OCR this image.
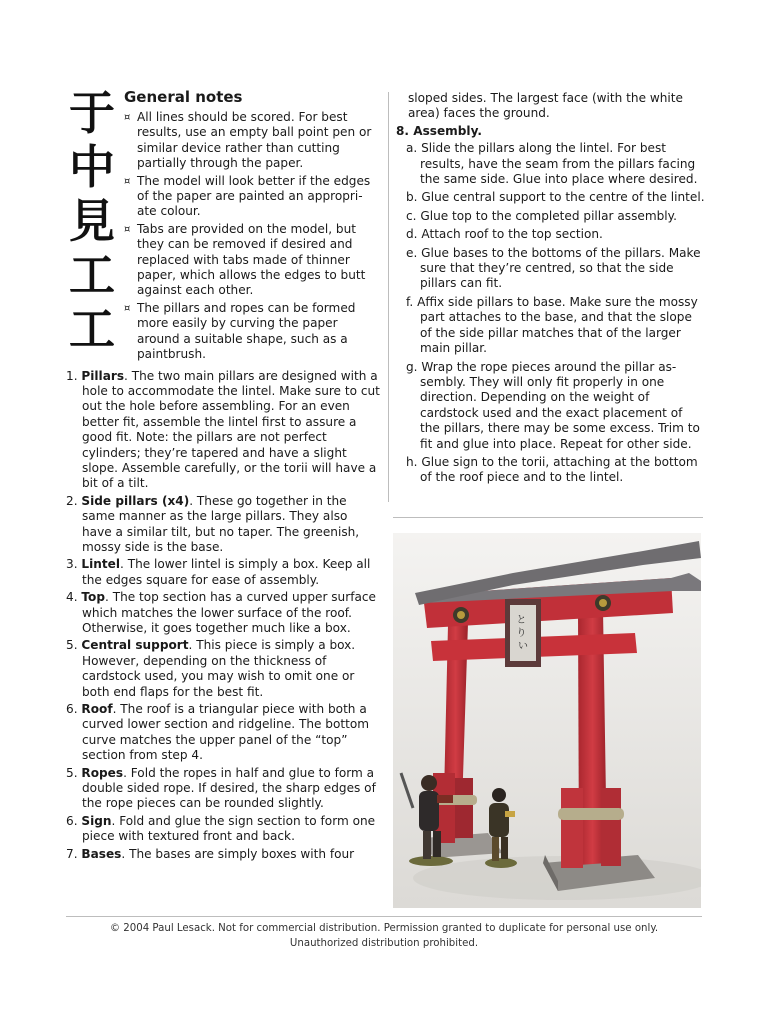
于
中
見
工
工
General notes
¤ All lines should be scored. For best results, use an empty ball point pen or similar device rather than cutting partially through the paper.
¤ The model will look better if the edges of the paper are painted an appropri-ate colour.
¤ Tabs are provided on the model, but they can be removed if desired and replaced with tabs made of thinner paper, which allows the edges to butt against each other.
¤ The pillars and ropes can be formed more easily by curving the paper around a suitable shape, such as a paintbrush.
1. Pillars. The two main pillars are designed with a hole to accommodate the lintel. Make sure to cut out the hole before assembling. For an even better fit, assemble the lintel first to assure a good fit. Note: the pillars are not perfect cylinders; they’re tapered and have a slight slope. Assemble carefully, or the torii will have a bit of a tilt.
2. Side pillars (x4). These go together in the same manner as the large pillars. They also have a similar tilt, but no taper. The greenish, mossy side is the base.
3. Lintel. The lower lintel is simply a box. Keep all the edges square for ease of assembly.
4. Top. The top section has a curved upper surface which matches the lower surface of the roof. Otherwise, it goes together much like a box.
5. Central support. This piece is simply a box. However, depending on the thickness of cardstock used, you may wish to omit one or both end flaps for the best fit.
6. Roof. The roof is a triangular piece with both a curved lower section and ridgeline. The bottom curve matches the upper panel of the “top” section from step 4.
5. Ropes. Fold the ropes in half and glue to form a double sided rope. If desired, the sharp edges of the rope pieces can be rounded slightly.
6. Sign. Fold and glue the sign section to form one piece with textured front and back.
7. Bases. The bases are simply boxes with four
sloped sides. The largest face (with the white area) faces the ground.
8. Assembly.
a. Slide the pillars along the lintel. For best results, have the seam from the pillars facing the same side. Glue into place where desired.
b. Glue central support to the centre of the lintel.
c. Glue top to the completed pillar assembly.
d. Attach roof to the top section.
e. Glue bases to the bottoms of the pillars. Make sure that they’re centred, so that the side pillars can fit.
f. Affix side pillars to base. Make sure the mossy part attaches to the base, and that the slope of the side pillar matches that of the larger main pillar.
g. Wrap the rope pieces around the pillar as-sembly. They will only fit properly in one direction. Depending on the weight of cardstock used and the exact placement of the pillars, there may be some excess. Trim to fit and glue into place. Repeat for other side.
h. Glue sign to the torii, attaching at the bottom of the roof piece and to the lintel.
と り い
© 2004 Paul Lesack. Not for commercial distribution. Permission granted to duplicate for personal use only.
Unauthorized distribution prohibited.
